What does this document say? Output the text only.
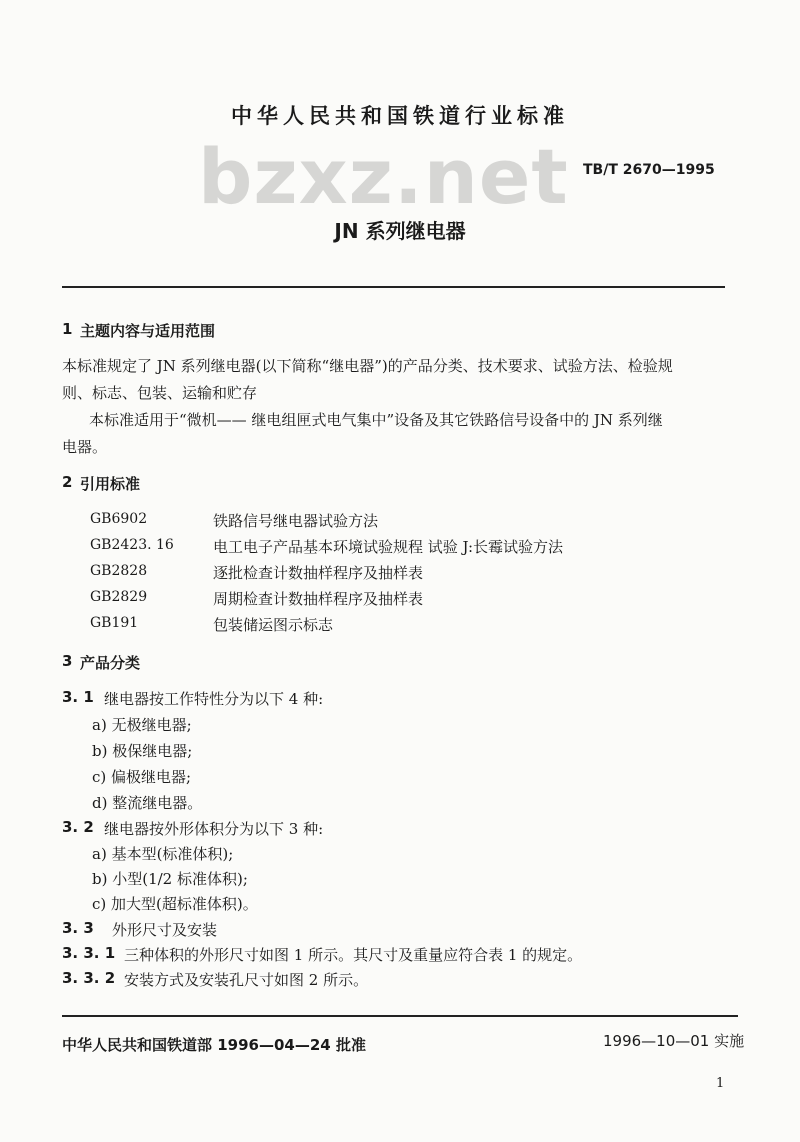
中华人民共和国铁道行业标准
bzxz.net TB/T 2670—1995
JN 系列继电器
1 主题内容与适用范围
本标准规定了 JN 系列继电器(以下简称“继电器”)的产品分类、技术要求、试验方法、检验规
则、标志、包装、运输和贮存
本标准适用于“微机—— 继电组匣式电气集中”设备及其它铁路信号设备中的 JN 系列继
电器。
2 引用标准
GB6902	铁路信号继电器试验方法
GB2423. 16	电工电子产品基本环境试验规程 试验 J:长霉试验方法
GB2828	逐批检查计数抽样程序及抽样表
GB2829	周期检查计数抽样程序及抽样表
GB191	包装储运图示标志
3 产品分类
3. 1 继电器按工作特性分为以下 4 种:
a) 无极继电器;
b) 极保继电器;
c) 偏极继电器;
d) 整流继电器。
3. 2 继电器按外形体积分为以下 3 种:
a) 基本型(标准体积);
b) 小型(1/2 标准体积);
c) 加大型(超标准体积)。
3. 3 外形尺寸及安装
3. 3. 1 三种体积的外形尺寸如图 1 所示。其尺寸及重量应符合表 1 的规定。
3. 3. 2 安装方式及安装孔尺寸如图 2 所示。
中华人民共和国铁道部 1996—04—24 批准	1996—10—01 实施
1
